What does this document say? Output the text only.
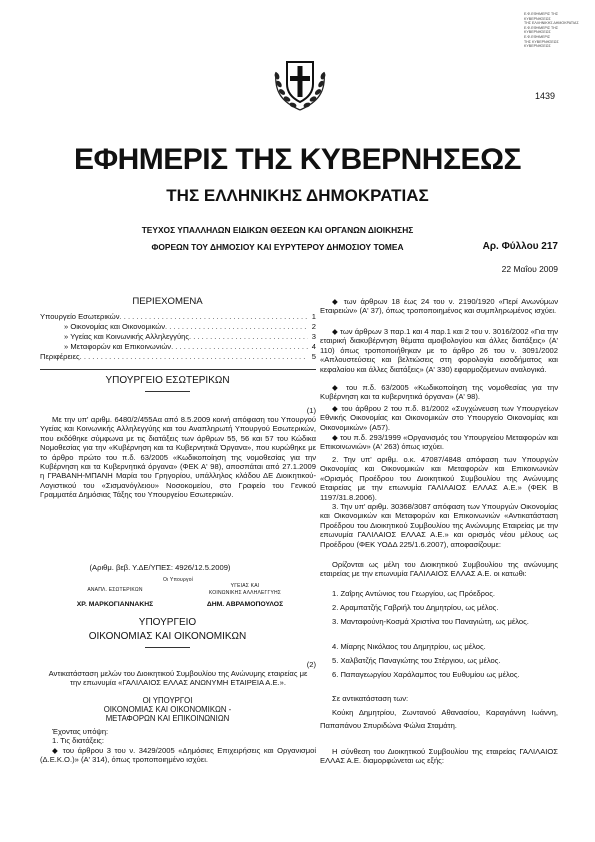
Ε.Φ.ΕΦΗΜΕΡΙΣ ΤΗΣ
ΚΥΒΕΡΝΗΣΕΩΣ
ΤΗΣ ΕΛΛΗΝΙΚΗΣ ΔΗΜΟΚΡΑΤΙΑΣ
Ε.Φ.ΕΦΗΜΕΡΙΣ ΤΗΣ
ΚΥΒΕΡΝΗΣΕΩΣ
Ε.Φ.ΕΦΗΜΕΡΙΣ
ΤΗΣ ΚΥΒΕΡΝΗΣΕΩΣ
ΚΥΒΕΡΝΗΣΕΩΣ
1439
ΕΦΗΜΕΡΙΣ ΤΗΣ ΚΥΒΕΡΝΗΣΕΩΣ
ΤΗΣ ΕΛΛΗΝΙΚΗΣ ΔΗΜΟΚΡΑΤΙΑΣ
ΤΕΥΧΟΣ ΥΠΑΛΛΗΛΩΝ ΕΙΔΙΚΩΝ ΘΕΣΕΩΝ ΚΑΙ ΟΡΓΑΝΩΝ ΔΙΟΙΚΗΣΗΣ
ΦΟΡΕΩΝ ΤΟΥ ΔΗΜΟΣΙΟΥ ΚΑΙ ΕΥΡΥΤΕΡΟΥ ΔΗΜΟΣΙΟΥ ΤΟΜΕΑ	Αρ. Φύλλου 217
22 Μαΐου 2009
ΠΕΡΙΕΧΟΜΕΝΑ
Υπουργείο Εσωτερικών . . .	1
» Οικονομίας και Οικονομικών . . .	2
» Υγείας και Κοινωνικής Αλληλεγγύης . . .	3
» Μεταφορών και Επικοινωνιών . . .	4
Περιφέρειες . . .	5
ΥΠΟΥΡΓΕΙΟ ΕΣΩΤΕΡΙΚΩΝ
(1)
Με την υπ' αριθμ. 6480/2/455Αα από 8.5.2009 κοινή απόφαση του Υπουργού Υγείας και Κοινωνικής Αλληλεγγύης και του Αναπληρωτή Υπουργού Εσωτερικών, που εκδόθηκε σύμφωνα με τις διατάξεις των άρθρων 55, 56 και 57 του Κώδικα Νομοθεσίας για την «Κυβέρνηση και τα Κυβερνητικά Όργανα», που κυρώθηκε με το άρθρο πρώτο του π.δ. 63/2005 «Κωδικοποίηση της νομοθεσίας για την Κυβέρνηση και τα Κυβερνητικά όργανα» (ΦΕΚ Α' 98), αποσπάται από 27.1.2009 η ΓΡΑΒΑΝΗ-ΜΠΑΝΗ Μαρία του Γρηγορίου, υπάλληλος κλάδου ΔΕ Διοικητικού-Λογιστικού του «Σισμανόγλειου» Νοσοκομείου, στο Γραφείο του Γενικού Γραμματέα Δημόσιας Τάξης του Υπουργείου Εσωτερικών.
(Αριθμ. βεβ. Υ.ΔΕ/ΥΠΕΣ: 4926/12.5.2009)
Οι Υπουργοί
ΑΝΑΠΛ. ΕΣΩΤΕΡΙΚΩΝ
ΧΡ. ΜΑΡΚΟΓΙΑΝΝΑΚΗΣ
ΥΓΕΙΑΣ ΚΑΙ
ΚΟΙΝΩΝΙΚΗΣ ΑΛΛΗΛΕΓΓΥΗΣ
ΔΗΜ. ΑΒΡΑΜΟΠΟΥΛΟΣ
ΥΠΟΥΡΓΕΙΟ
ΟΙΚΟΝΟΜΙΑΣ ΚΑΙ ΟΙΚΟΝΟΜΙΚΩΝ
(2)
Αντικατάσταση μελών του Διοικητικού Συμβουλίου της Ανώνυμης εταιρείας με την επωνυμία «ΓΑΛΙΛΑΙΟΣ ΕΛΛΑΣ ΑΝΩΝΥΜΗ ΕΤΑΙΡΕΙΑ Α.Ε.».
ΟΙ ΥΠΟΥΡΓΟΙ
ΟΙΚΟΝΟΜΙΑΣ ΚΑΙ ΟΙΚΟΝΟΜΙΚΩΝ -
ΜΕΤΑΦΟΡΩΝ ΚΑΙ ΕΠΙΚΟΙΝΩΝΙΩΝ
Έχοντας υπόψη:
1. Τις διατάξεις:
◆ του άρθρου 3 του ν. 3429/2005 «Δημόσιες Επιχειρήσεις και Οργανισμοί (Δ.Ε.Κ.Ο.)» (Α' 314), όπως τροποποιημένο ισχύει.
◆ των άρθρων 18 έως 24 του ν. 2190/1920 «Περί Ανωνύμων Εταιρειών» (Α' 37), όπως τροποποιημένος και συμπληρωμένος ισχύει.
◆ των άρθρων 3 παρ.1 και 4 παρ.1 και 2 του ν. 3016/2002 «Για την εταιρική διακυβέρνηση θέματα αμοιβολογίου και άλλες διατάξεις» (Α' 110) όπως τροποποιήθηκαν με το άρθρο 26 του ν. 3091/2002 «Απλουστεύσεις και βελτιώσεις στη φορολογία εισοδήματος και κεφαλαίου και άλλες διατάξεις» (Α' 330) εφαρμοζόμενων αναλογικά.
◆ του π.δ. 63/2005 «Κωδικοποίηση της νομοθεσίας για την Κυβέρνηση και τα κυβερνητικά όργανα» (Α' 98).
◆ του άρθρου 2 του π.δ. 81/2002 «Συγχώνευση των Υπουργείων Εθνικής Οικονομίας και Οικονομικών στο Υπουργείο Οικονομίας και Οικονομικών» (Α57).
◆ του π.δ. 293/1999 «Οργανισμός του Υπουργείου Μεταφορών και Επικοινωνιών» (Α' 263) όπως ισχύει.
2. Την υπ' αριθμ. ο.κ. 47087/4848 απόφαση των Υπουργών Οικονομίας και Οικονομικών και Μεταφορών και Επικοινωνιών «Ορισμός Προέδρου του Διοικητικού Συμβουλίου της Ανώνυμης Εταιρείας με την επωνυμία ΓΑΛΙΛΑΙΟΣ ΕΛΛΑΣ Α.Ε.» (ΦΕΚ Β 1197/31.8.2006).
3. Την υπ' αριθμ. 30368/3087 απόφαση των Υπουργών Οικονομίας και Οικονομικών και Μεταφορών και Επικοινωνιών «Αντικατάσταση Προέδρου του Διοικητικού Συμβουλίου της Ανώνυμης Εταιρείας με την επωνυμία ΓΑΛΙΛΑΙΟΣ ΕΛΛΑΣ Α.Ε.» και ορισμός νέου μέλους ως Προέδρου (ΦΕΚ ΥΟΔΔ 225/1.6.2007), αποφασίζουμε:
Ορίζονται ως μέλη του Διοικητικού Συμβουλίου της ανώνυμης εταιρείας με την επωνυμία ΓΑΛΙΛΑΙΟΣ ΕΛΛΑΣ Α.Ε. οι κατωθι:
1. Ζαΐρης Αντώνιος του Γεωργίου, ως Πρόεδρος.
2. Αραμπατζής Γαβριήλ του Δημητρίου, ως μέλος.
3. Μανταφούνη-Κοσμά Χριστίνα του Παναγιώτη, ως μέλος.
4. Μίαρης Νικόλαος του Δημητρίου, ως μέλος.
5. Χαλβατζής Παναγιώτης του Στέργιου, ως μέλος.
6. Παπαγεωργίου Χαράλαμπος του Ευθυμίου ως μέλος.
Σε αντικατάσταση των:
Κούκη Δημητρίου, Ζωντανού Αθανασίου, Καραγιάννη Ιωάννη, Παπαπάνου Σπυριδώνα Φώλια Σταμάτη.
Η σύνθεση του Διοικητικού Συμβουλίου της εταιρείας ΓΑΛΙΛΑΙΟΣ ΕΛΛΑΣ Α.Ε. διαμορφώνεται ως εξής:
